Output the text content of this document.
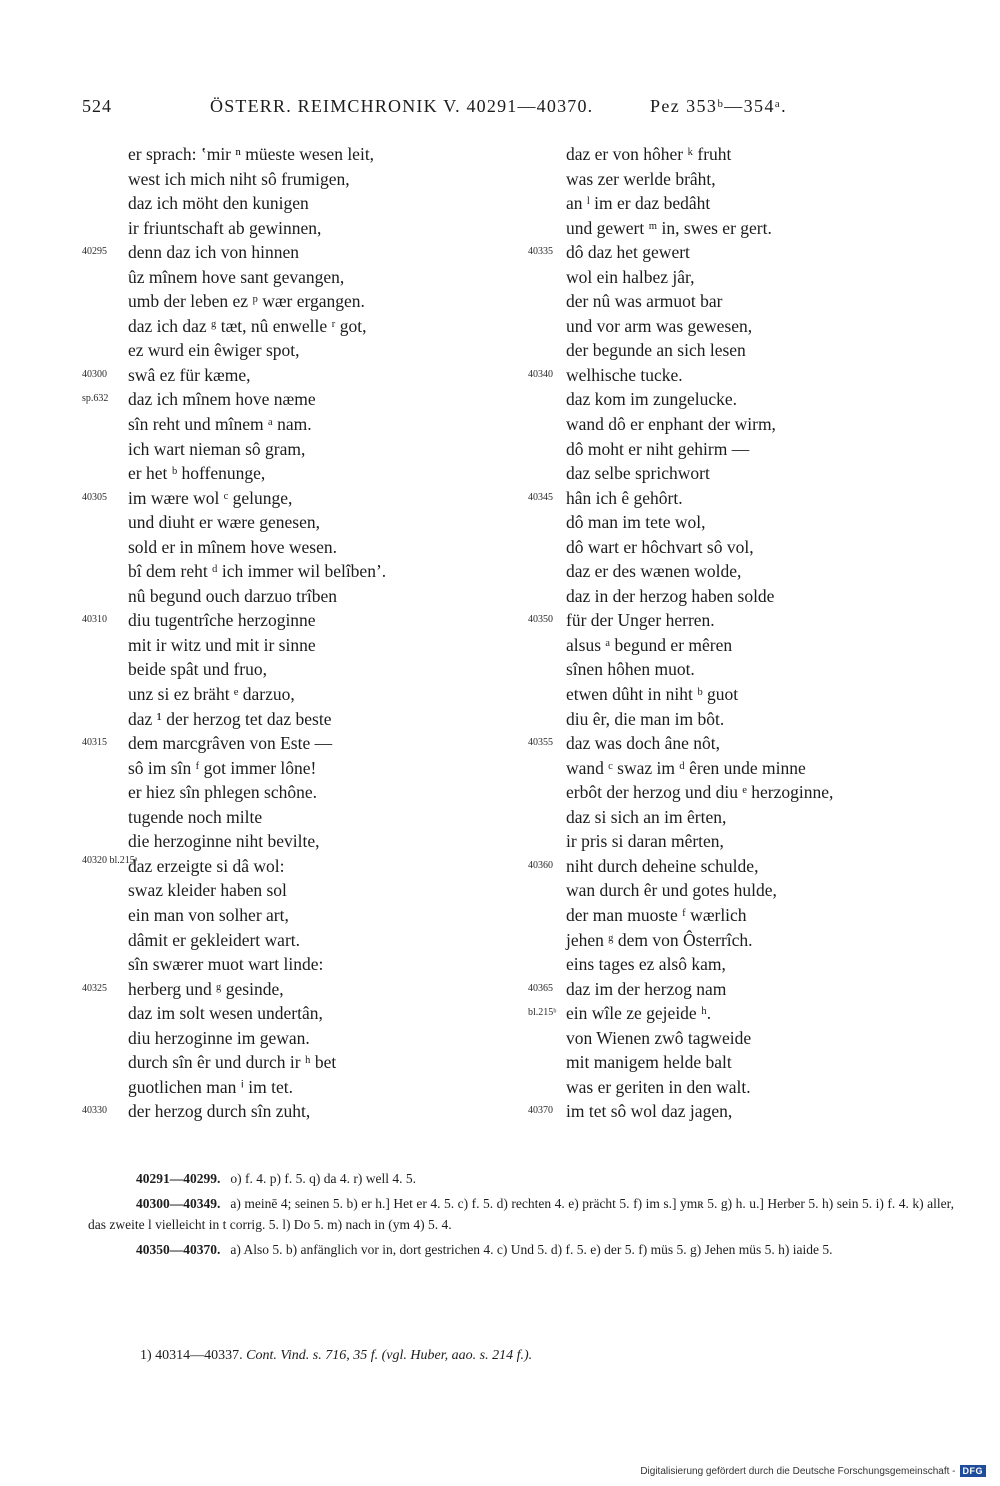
524	ÖSTERR. REIMCHRONIK V. 40291—40370.	Pez 353ᵇ—354ᵃ.
er sprach: ʽmir ⁿ müeste wesen leit,
west ich mich niht sô frumigen,
daz ich möht den kunigen
ir friuntschaft ab gewinnen,
40295	denn daz ich von hinnen
ûz mînem hove sant gevangen,
umb der leben ez ᵖ wær ergangen.
daz ich daz ᵍ tæt, nû enwelle ʳ got,
ez wurd ein êwiger spot,
40300	swâ ez für kæme,
sp.632	daz ich mînem hove næme
sîn reht und mînem ᵃ nam.
ich wart nieman sô gram,
er het ᵇ hoffenunge,
40305	im wære wol ᶜ gelunge,
und diuht er wære genesen,
sold er in mînem hove wesen.
bî dem reht ᵈ ich immer wil belîben’.
nû begund ouch darzuo trîben
40310	diu tugentrîche herzoginne
mit ir witz und mit ir sinne
beide spât und fruo,
unz si ez bräht ᵉ darzuo,
daz ¹ der herzog tet daz beste
40315	dem marcgrâven von Este —
sô im sîn ᶠ got immer lône!
er hiez sîn phlegen schône.
tugende noch milte
die herzoginne niht bevilte,
40320 bl.215ᵃ
daz erzeigte si dâ wol:
swaz kleider haben sol
ein man von solher art,
dâmit er gekleidert wart.
sîn swærer muot wart linde:
40325	herberg und ᵍ gesinde,
daz im solt wesen undertân,
diu herzoginne im gewan.
durch sîn êr und durch ir ʰ bet
guotlichen man ⁱ im tet.
40330	der herzog durch sîn zuht,
daz er von hôher ᵏ fruht
was zer werlde brâht,
an ˡ im er daz bedâht
und gewert ᵐ in, swes er gert.
40335 dô daz het gewert
wol ein halbez jâr,
der nû was armuot bar
und vor arm was gewesen,
der begunde an sich lesen
40340 welhische tucke.
daz kom im zungelucke.
wand dô er enphant der wirm,
dô moht er niht gehirm —
daz selbe sprichwort
40345 hân ich ê gehôrt.
dô man im tete wol,
dô wart er hôchvart sô vol,
daz er des wænen wolde,
daz in der herzog haben solde
40350 für der Unger herren.
alsus ᵃ begund er mêren
sînen hôhen muot.
etwen dûht in niht ᵇ guot
diu êr, die man im bôt.
40355 daz was doch âne nôt,
wand ᶜ swaz im ᵈ êren unde minne
erbôt der herzog und diu ᵉ herzoginne,
daz si sich an im êrten,
ir pris si daran mêrten,
40360 niht durch deheine schulde,
wan durch êr und gotes hulde,
der man muoste ᶠ wærlich
jehen ᵍ dem von Ôsterrîch.
eins tages ez alsô kam,
40365 daz im der herzog nam
bl.215ᵇ ein wîle ze gejeide ʰ.
von Wienen zwô tagweide
mit manigem helde balt
was er geriten in den walt.
40370 im tet sô wol daz jagen,

40291—40299. o) f. 4. p) f. 5. q) da 4. r) well 4. 5.

40300—40349. a) meinē 4; seinen 5. b) er h.] Het er 4. 5. c) f. 5. d) rechten 4. e) prächt 5. f) im s.] ymʀ 5. g) h. u.] Herber 5. h) sein 5. i) f. 4. k) aller, das zweite l vielleicht in t corrig. 5. l) Do 5. m) nach in (ym 4) 5. 4.

40350—40370. a) Also 5. b) anfänglich vor in, dort gestrichen 4. c) Und 5. d) f. 5. e) der 5. f) müs 5. g) Jehen müs 5. h) iaide 5.

1) 40314—40337. Cont. Vind. s. 716, 35 f. (vgl. Huber, aao. s. 214 f.).
Digitalisierung gefördert durch die Deutsche Forschungsgemeinschaft - DFG
